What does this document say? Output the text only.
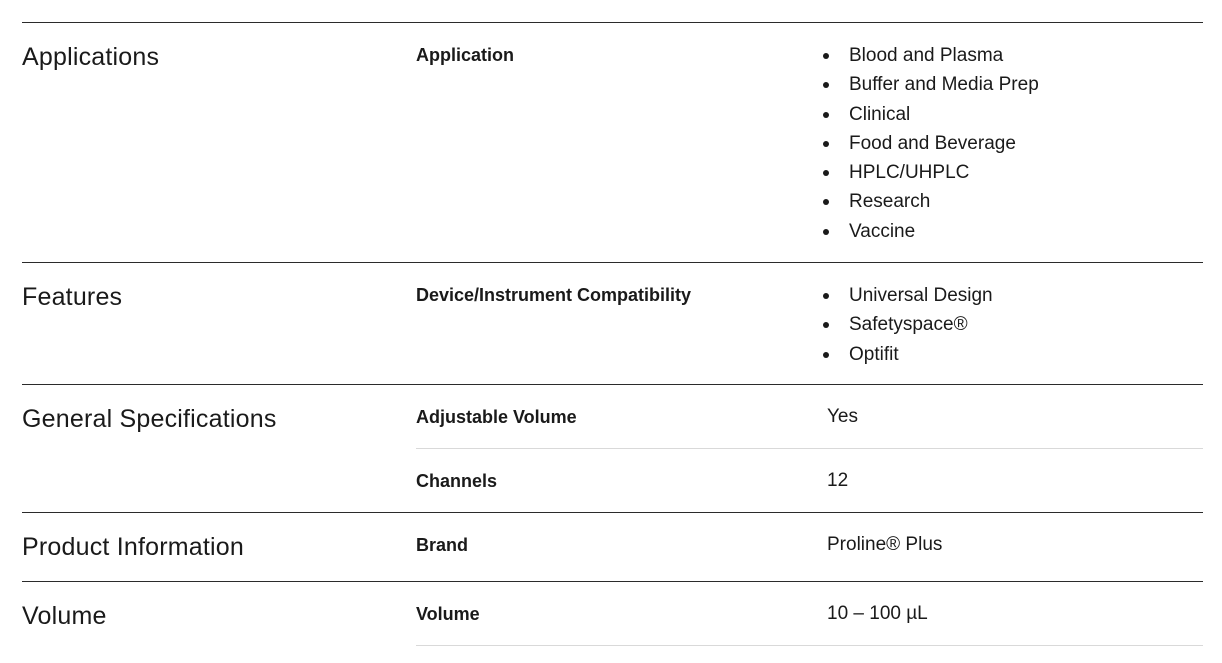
Applications	Application	Blood and Plasma
Buffer and Media Prep
Clinical
Food and Beverage
HPLC/UHPLC
Research
Vaccine
Features	Device/Instrument Compatibility	Universal Design
Safetyspace®
Optifit
General Specifications	Adjustable Volume	Yes
Channels	12
Product Information	Brand	Proline® Plus
Volume	Volume	10 – 100 µL
